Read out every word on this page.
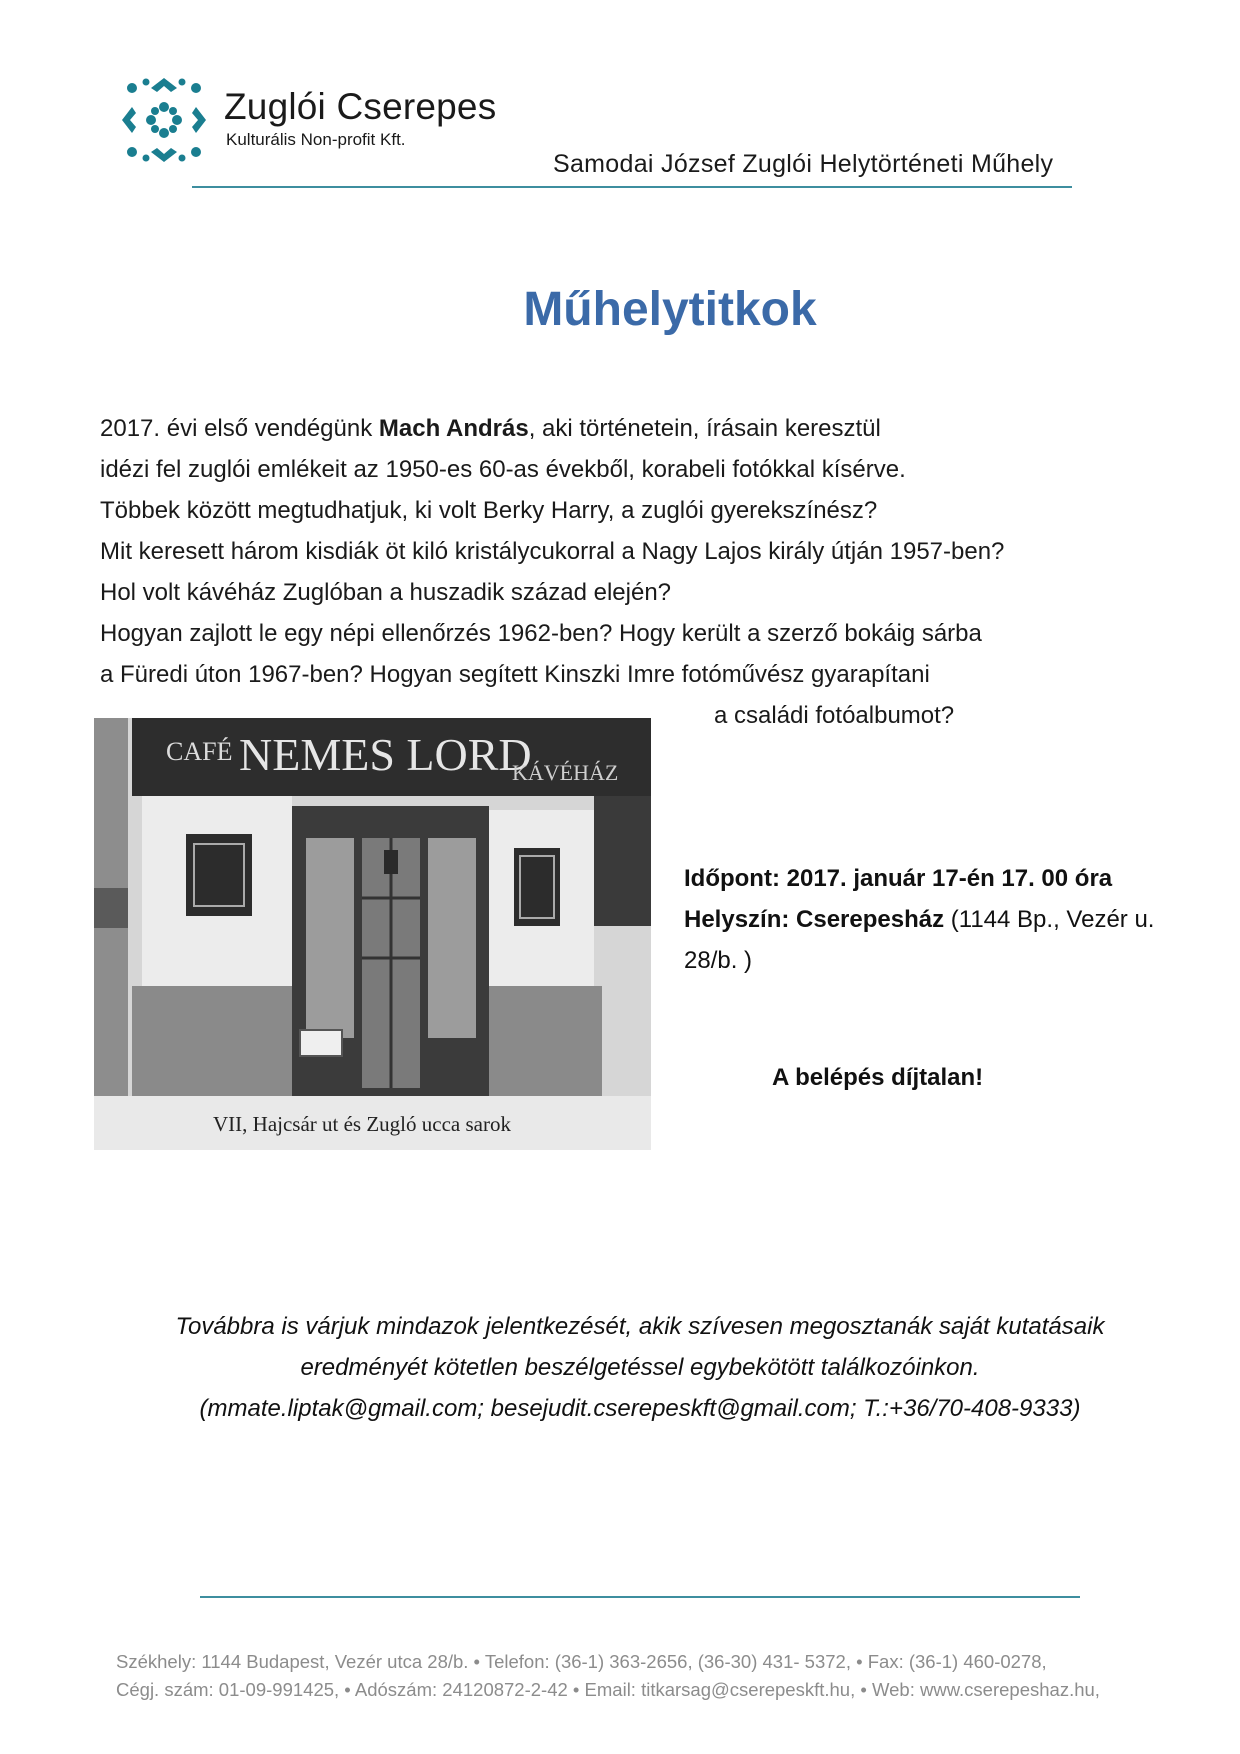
Zuglói Cserepes
Kulturális Non-profit Kft.
Samodai József Zuglói Helytörténeti Műhely
Műhelytitkok

2017. évi első vendégünk Mach András, aki történetein, írásain keresztül

idézi fel zuglói emlékeit az 1950-es 60-as évekből, korabeli fotókkal kísérve.

Többek között megtudhatjuk, ki volt Berky Harry, a zuglói gyerekszínész?

Mit keresett három kisdiák öt kiló kristálycukorral a Nagy Lajos király útján 1957-ben?

Hol volt kávéház Zuglóban a huszadik század elején?

Hogyan zajlott le egy népi ellenőrzés 1962-ben? Hogy került a szerző bokáig sárba

a Füredi úton 1967-ben? Hogyan segített Kinszki Imre fotóművész gyarapítani

a családi fotóalbumot?

CAFÉ NEMES LORD
KÁVÉHÁZ
VII, Hajcsár ut és Zugló ucca sarok

Időpont: 2017. január 17-én 17. 00 óra

Helyszín: Cserepesház (1144 Bp., Vezér u.

28/b. )

A belépés díjtalan!

Továbbra is várjuk mindazok jelentkezését, akik szívesen megosztanák saját kutatásaik

eredményét kötetlen beszélgetéssel egybekötött találkozóinkon.

(mmate.liptak@gmail.com; besejudit.cserepeskft@gmail.com; T.:+36/70-408-9333)

Székhely: 1144 Budapest, Vezér utca 28/b. • Telefon: (36-1) 363-2656, (36-30) 431- 5372, • Fax: (36-1) 460-0278,

Cégj. szám: 01-09-991425, • Adószám: 24120872-2-42 • Email: titkarsag@cserepeskft.hu, • Web: www.cserepeshaz.hu,
